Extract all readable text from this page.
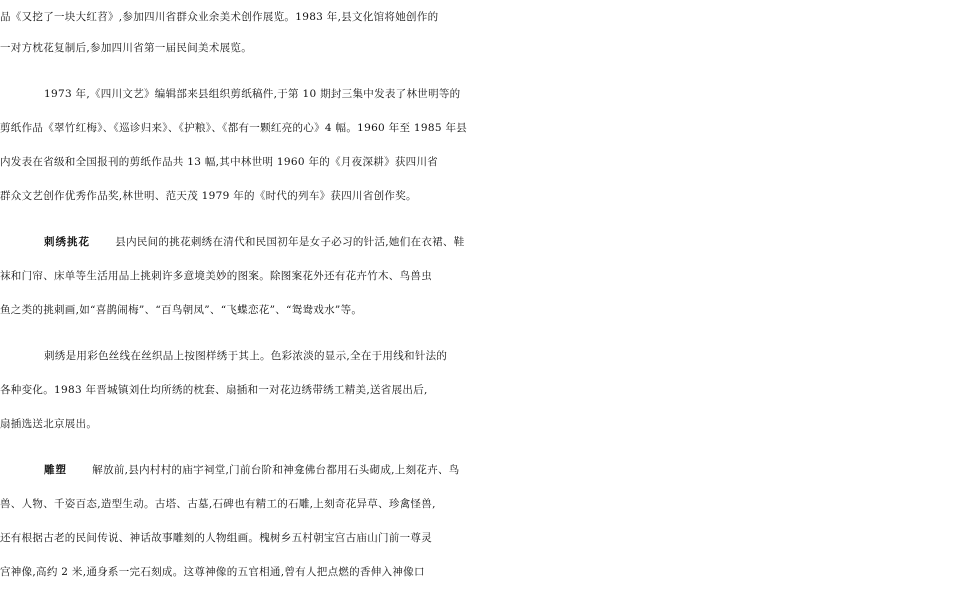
品《又挖了一块大红苕》,参加四川省群众业余美术创作展览。1983 年,县文化馆将她创作的
一对方枕花复制后,参加四川省第一届民间美术展览。
1973 年,《四川文艺》编辑部来县组织剪纸稿件,于第 10 期封三集中发表了林世明等的
剪纸作品《翠竹红梅》、《巡诊归来》、《护粮》、《都有一颗红亮的心》4 幅。1960 年至 1985 年县
内发表在省级和全国报刊的剪纸作品共 13 幅,其中林世明 1960 年的《月夜深耕》获四川省
群众文艺创作优秀作品奖,林世明、范天茂 1979 年的《时代的列车》获四川省创作奖。
刺绣挑花 县内民间的挑花刺绣在清代和民国初年是女子必习的针活,她们在衣裙、鞋
袜和门帘、床单等生活用品上挑刺许多意境美妙的图案。除图案花外还有花卉竹木、鸟兽虫
鱼之类的挑刺画,如“喜鹊闹梅”、“百鸟朝凤”、“飞蝶恋花”、“鸳鸯戏水”等。
刺绣是用彩色丝线在丝织品上按图样绣于其上。色彩浓淡的显示,全在于用线和针法的
各种变化。1983 年晋城镇刘仕均所绣的枕套、扇插和一对花边绣带绣工精美,送省展出后,
扇插选送北京展出。
雕塑 解放前,县内村村的庙宇祠堂,门前台阶和神龛佛台都用石头砌成,上刻花卉、鸟
兽、人物、千姿百态,造型生动。古塔、古墓,石碑也有精工的石雕,上刻奇花异草、珍禽怪兽,
还有根据古老的民间传说、神话故事雕刻的人物组画。槐树乡五村朝宝宫古庙山门前一尊灵
宫神像,高约 2 米,通身系一完石刻成。这尊神像的五官相通,曾有人把点燃的香伸入神像口
